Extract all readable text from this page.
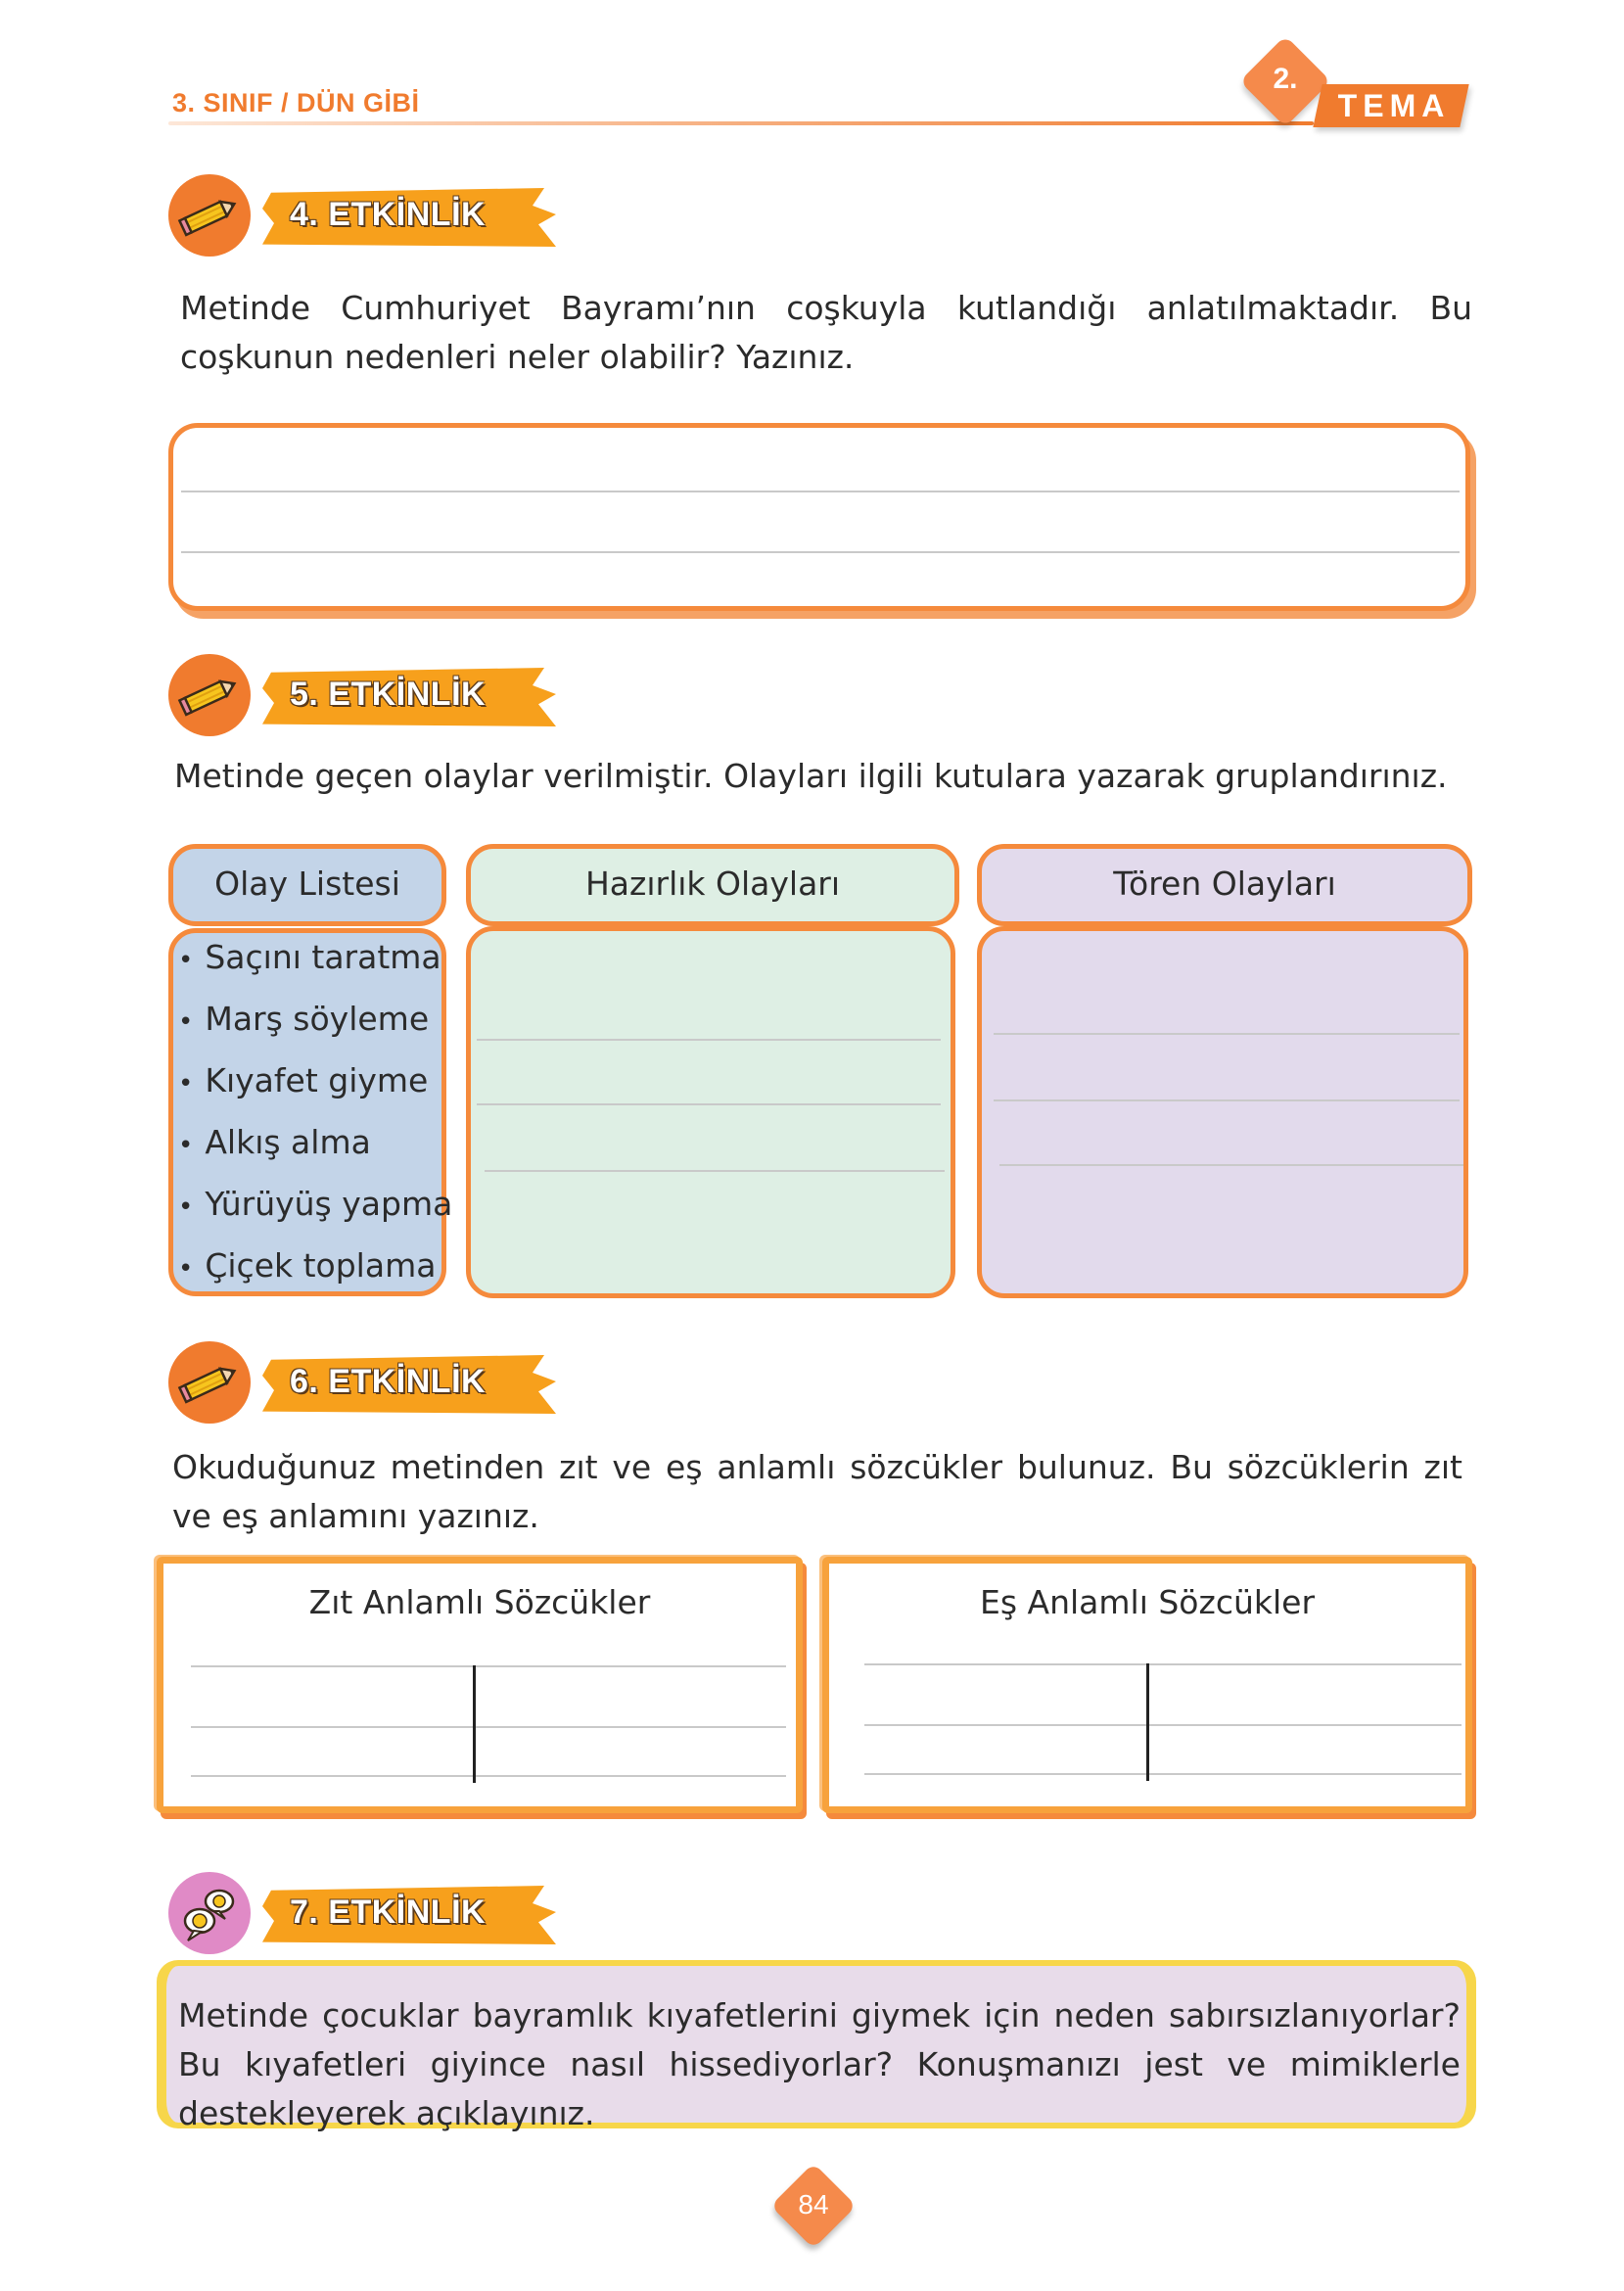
3. SINIF / DÜN GİBİ
2.
TEMA
4. ETKİNLİK
Metinde Cumhuriyet Bayramı’nın coşkuyla kutlandığı anlatılmaktadır. Bu coşkunun nedenleri neler olabilir? Yazınız.
5. ETKİNLİK
Metinde geçen olaylar verilmiştir. Olayları ilgili kutulara yazarak gruplandırınız.
Olay Listesi
• Saçını taratma
• Marş söyleme
• Kıyafet giyme
• Alkış alma
• Yürüyüş yapma
• Çiçek toplama
Hazırlık Olayları	Tören Olayları
6. ETKİNLİK
Okuduğunuz metinden zıt ve eş anlamlı sözcükler bulunuz. Bu sözcüklerin zıt ve eş anlamını yazınız.
Zıt Anlamlı Sözcükler	Eş Anlamlı Sözcükler
7. ETKİNLİK
Metinde çocuklar bayramlık kıyafetlerini giymek için neden sabırsızlanıyorlar? Bu kıyafetleri giyince nasıl hissediyorlar? Konuşmanızı jest ve mimiklerle destekleyerek açıklayınız.
84
